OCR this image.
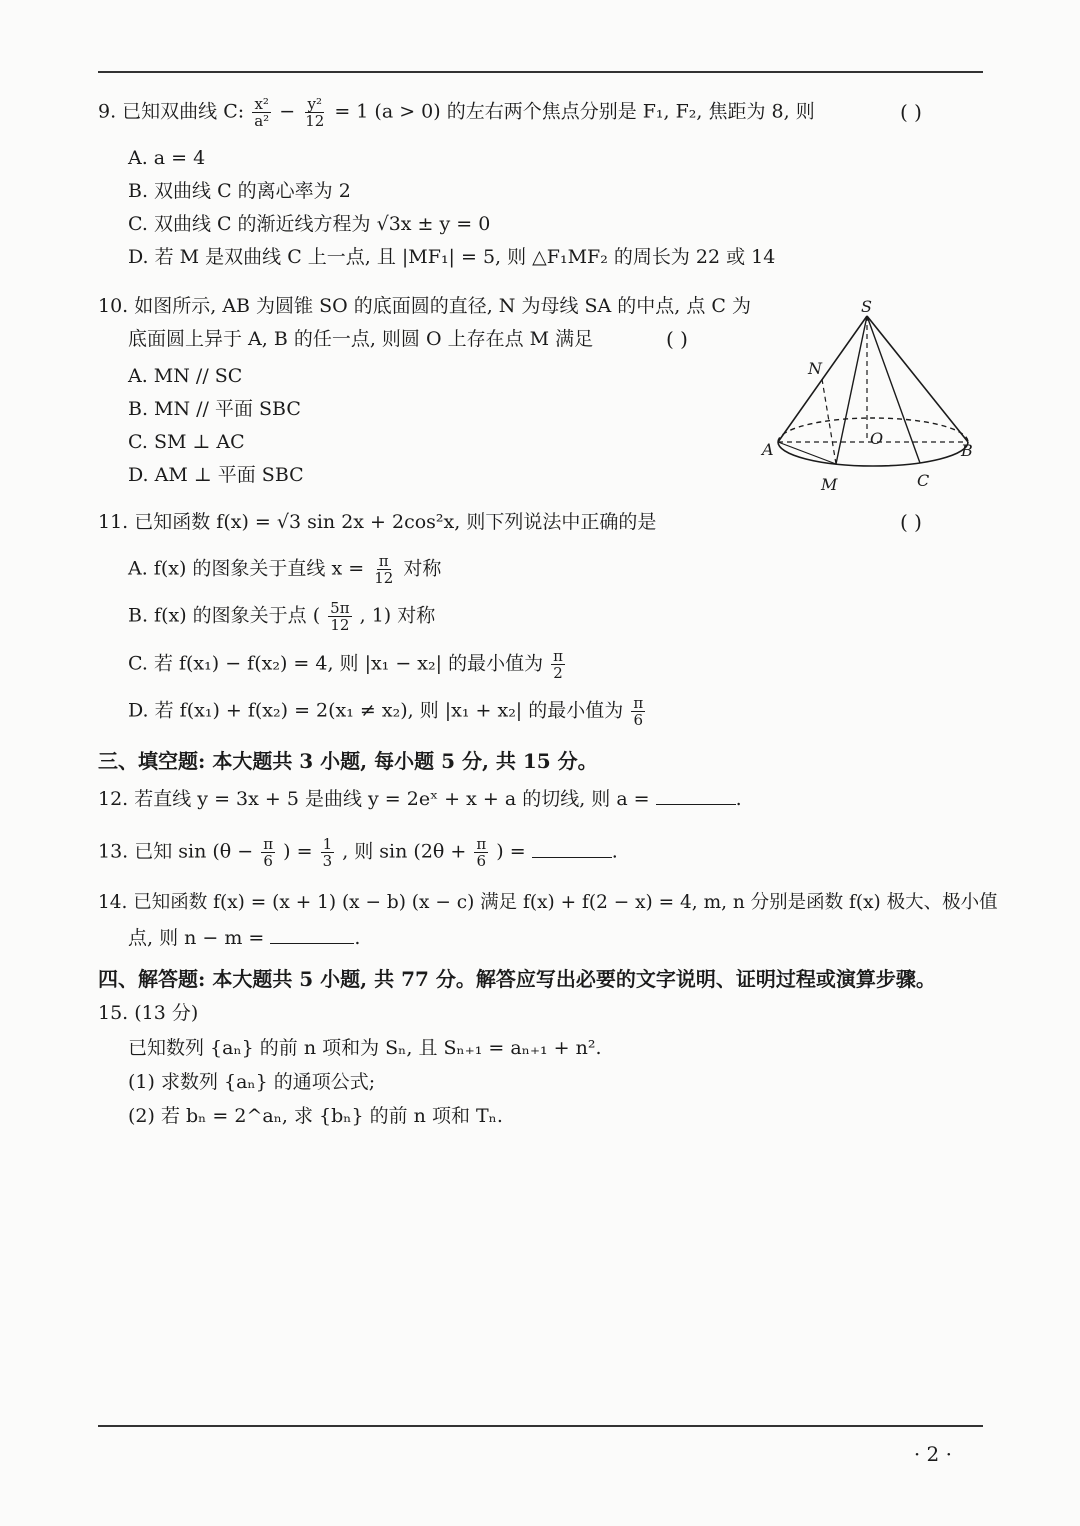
9. 已知双曲线 C: $\frac{\text{x²}}{\text{a²}} - \frac{\text{y²}}{12} = 1$ (a > 0) 的左右两个焦点分别是 F₁, F₂, 焦距为 8, 则	( )
A. a = 4
B. 双曲线 C 的离心率为 2
C. 双曲线 C 的渐近线方程为 √3x ± y = 0
D. 若 M 是双曲线 C 上一点, 且 |MF₁| = 5, 则 △F₁MF₂ 的周长为 22 或 14
10. 如图所示, AB 为圆锥 SO 的底面圆的直径, N 为母线 SA 的中点, 点 C 为
底面圆上异于 A, B 的任一点, 则圆 O 上存在点 M 满足	( )
A. MN // SC
B. MN // 平面 SBC
C. SM ⊥ AC
D. AM ⊥ 平面 SBC
S
N
O
A	B
M	C
11. 已知函数 f(x) = √3 sin 2x + 2cos²x, 则下列说法中正确的是	( )
A. f(x) 的图象关于直线 $x = \frac{\pi}{12}$ 对称
B. f(x) 的图象关于点 ( $\frac{5\pi}{12}$ , 1) 对称
C. 若 f(x₁) − f(x₂) = 4, 则 |x₁ − x₂| 的最小值为 $\frac{\pi}{2}$
D. 若 f(x₁) + f(x₂) = 2(x₁ ≠ x₂), 则 |x₁ + x₂| 的最小值为 $\frac{\pi}{6}$
三、填空题: 本大题共 3 小题, 每小题 5 分, 共 15 分。
12. 若直线 y = 3x + 5 是曲线 y = 2eˣ + x + a 的切线, 则 a =	.
13. 已知 $\sin (\theta - \frac{\pi}{6}$ ) = $\frac{1}{3}$ , 则 $\sin (2\theta + \frac{\pi}{6}$ ) =	.
14. 已知函数 f(x) = (x + 1) (x − b) (x − c) 满足 f(x) + f(2 − x) = 4, m, n 分别是函数 f(x) 极大、极小值
点, 则 n − m =	.
四、解答题: 本大题共 5 小题, 共 77 分。解答应写出必要的文字说明、证明过程或演算步骤。
15. (13 分)
已知数列 {aₙ} 的前 n 项和为 Sₙ, 且 Sₙ₊₁ = aₙ₊₁ + n².
(1) 求数列 {aₙ} 的通项公式;
(2) 若 bₙ = 2^aₙ, 求 {bₙ} 的前 n 项和 Tₙ.
· 2 ·
